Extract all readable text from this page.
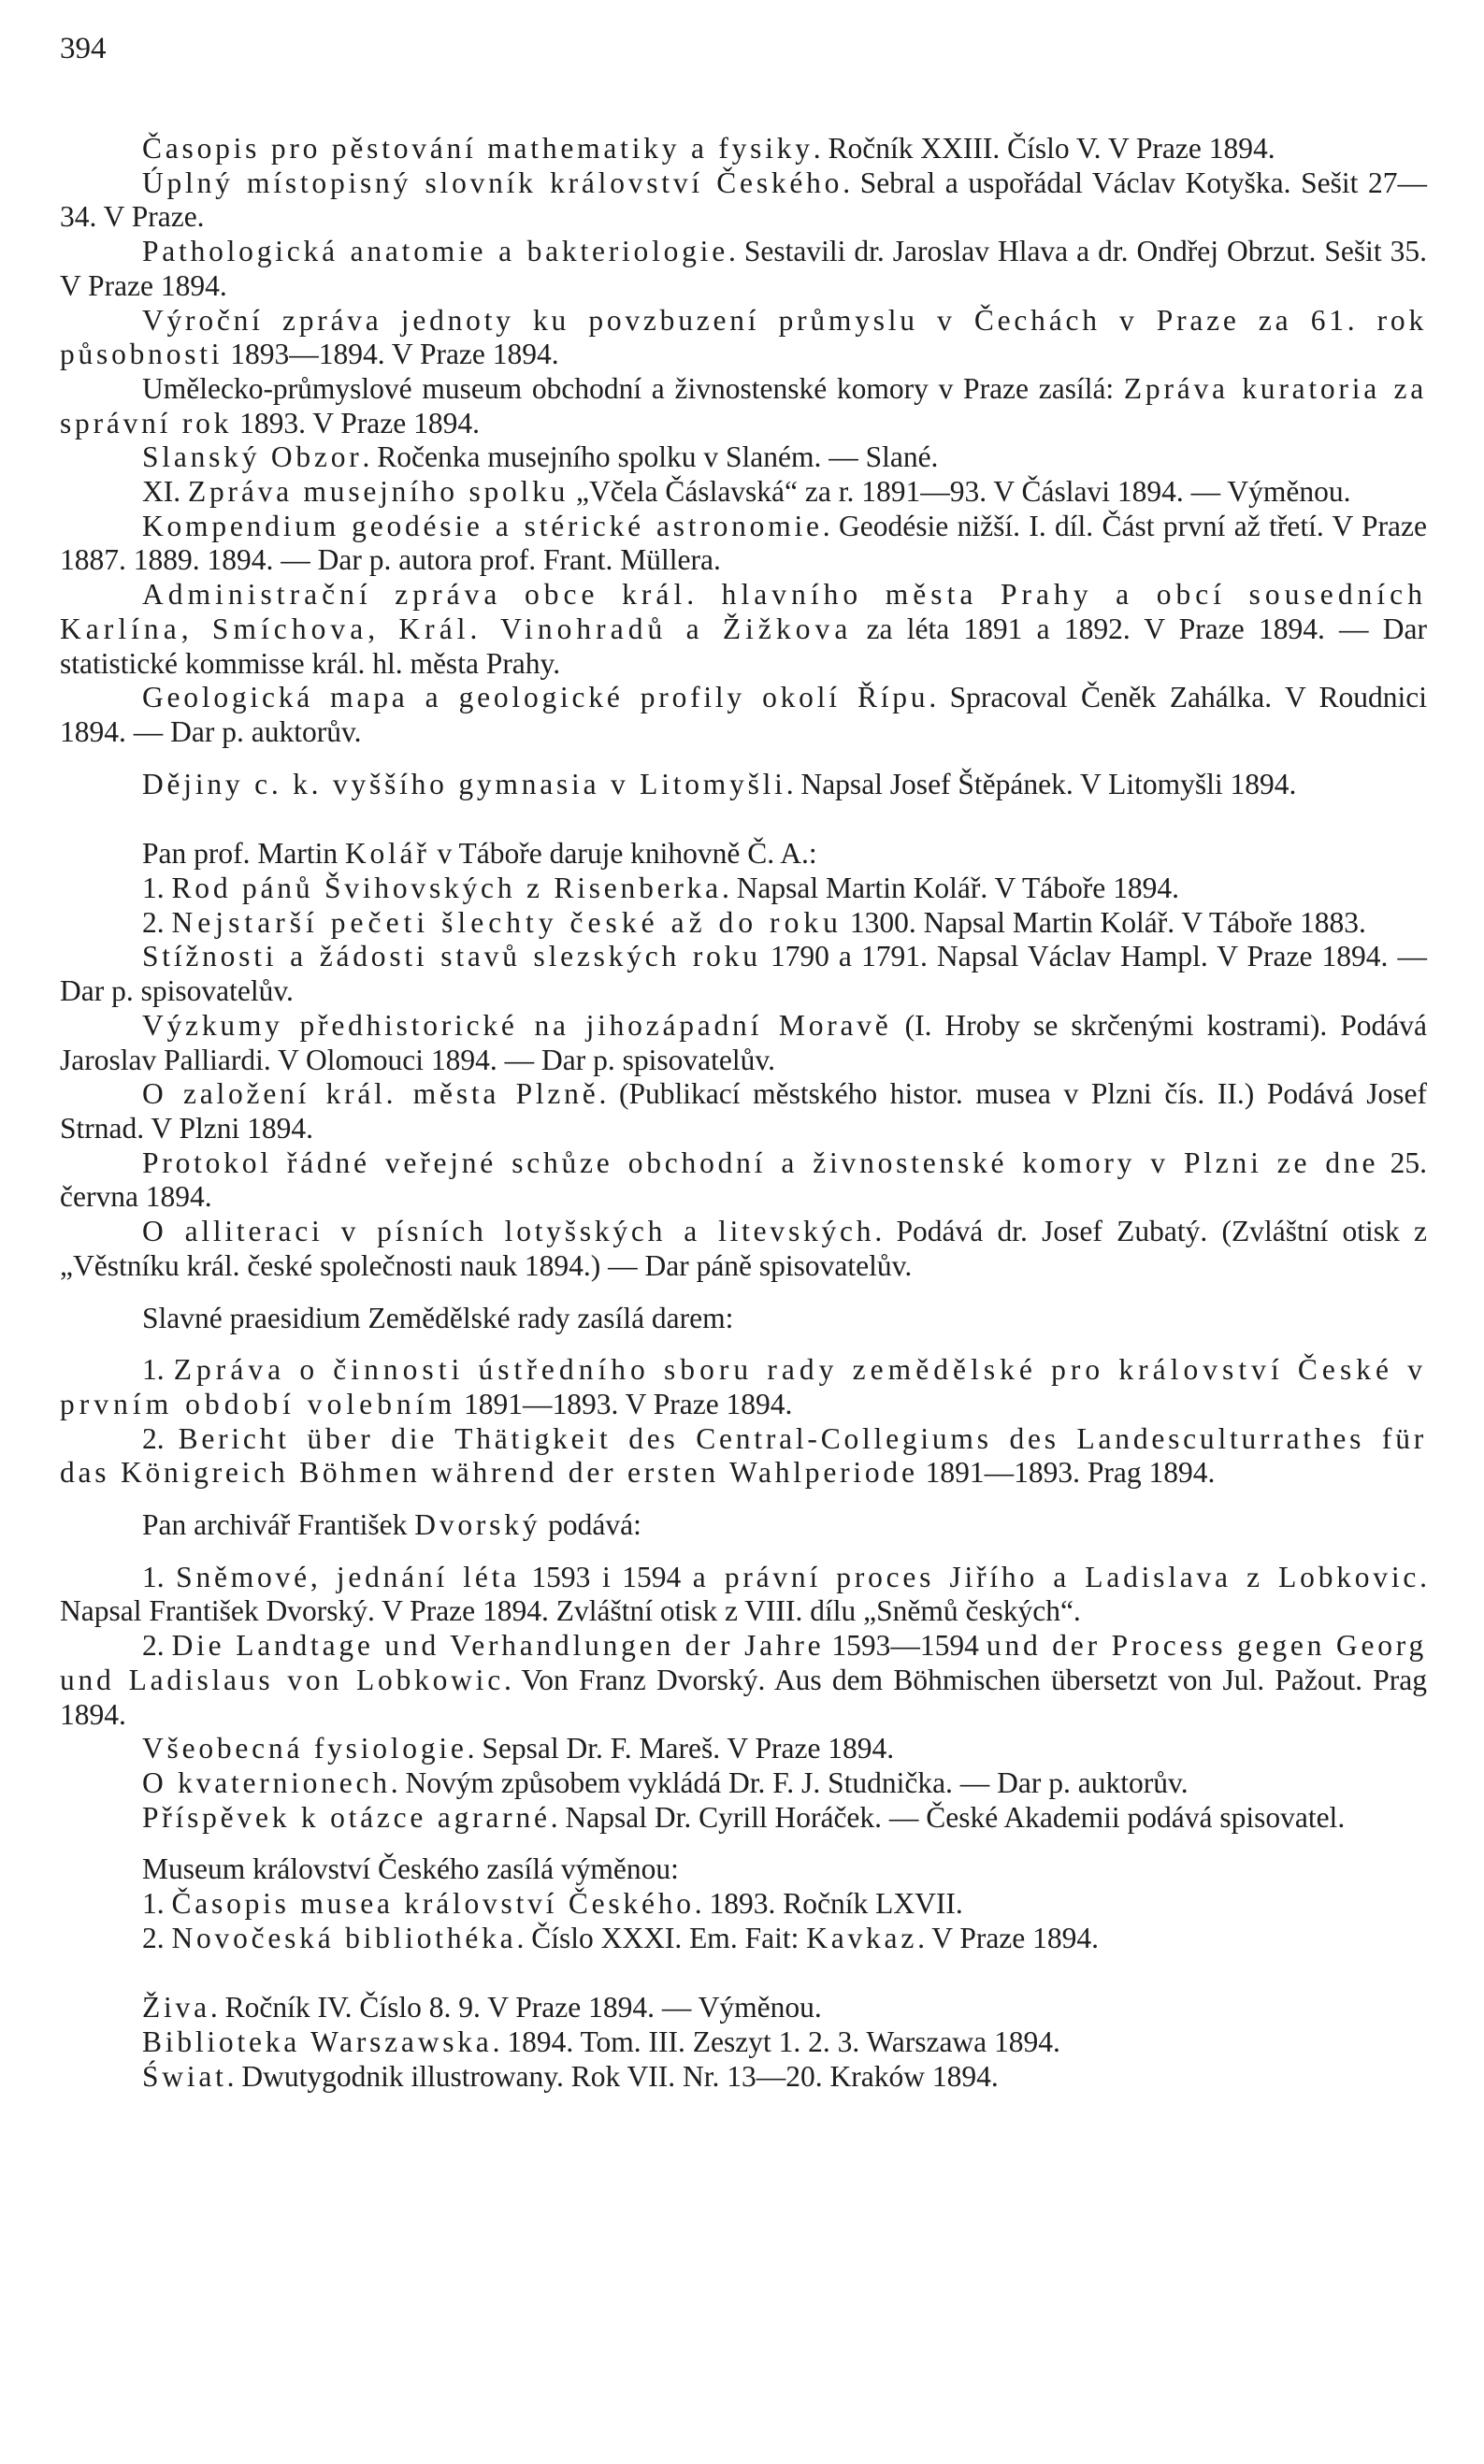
394

Časopis pro pěstování mathematiky a fysiky. Ročník XXIII. Číslo V. V Praze 1894.

Úplný místopisný slovník království Českého. Sebral a uspořádal Václav Kotyška. Sešit 27—34. V Praze.

Pathologická anatomie a bakteriologie. Sestavili dr. Jaroslav Hlava a dr. Ondřej Obrzut. Sešit 35. V Praze 1894.

Výroční zpráva jednoty ku povzbuzení průmyslu v Čechách v Praze za 61. rok působnosti 1893—1894. V Praze 1894.

Umělecko-průmyslové museum obchodní a živnostenské komory v Praze zasílá: Zpráva kuratoria za správní rok 1893. V Praze 1894.

Slanský Obzor. Ročenka musejního spolku v Slaném. — Slané.

XI. Zpráva musejního spolku „Včela Čáslavská“ za r. 1891—93. V Čáslavi 1894. — Výměnou.

Kompendium geodésie a stérické astronomie. Geodésie nižší. I. díl. Část první až třetí. V Praze 1887. 1889. 1894. — Dar p. autora prof. Frant. Müllera.

Administrační zpráva obce král. hlavního města Prahy a obcí sousedních Karlína, Smíchova, Král. Vinohradů a Žižkova za léta 1891 a 1892. V Praze 1894. — Dar statistické kommisse král. hl. města Prahy.

Geologická mapa a geologické profily okolí Řípu. Spracoval Čeněk Zahálka. V Roudnici 1894. — Dar p. auktorův.

Dějiny c. k. vyššího gymnasia v Litomyšli. Napsal Josef Štěpánek. V Litomyšli 1894.

Pan prof. Martin Kolář v Táboře daruje knihovně Č. A.:

1. Rod pánů Švihovských z Risenberka. Napsal Martin Kolář. V Táboře 1894.

2. Nejstarší pečeti šlechty české až do roku 1300. Napsal Martin Kolář. V Táboře 1883.

Stížnosti a žádosti stavů slezských roku 1790 a 1791. Napsal Václav Hampl. V Praze 1894. — Dar p. spisovatelův.

Výzkumy předhistorické na jihozápadní Moravě (I. Hroby se skrčenými kostrami). Podává Jaroslav Palliardi. V Olomouci 1894. — Dar p. spisovatelův.

O založení král. města Plzně. (Publikací městského histor. musea v Plzni čís. II.) Podává Josef Strnad. V Plzni 1894.

Protokol řádné veřejné schůze obchodní a živnostenské komory v Plzni ze dne 25. června 1894.

O alliteraci v písních lotyšských a litevských. Podává dr. Josef Zubatý. (Zvláštní otisk z „Věstníku král. české společnosti nauk 1894.) — Dar páně spisovatelův.

Slavné praesidium Zemědělské rady zasílá darem:

1. Zpráva o činnosti ústředního sboru rady zemědělské pro království České v prvním období volebním 1891—1893. V Praze 1894.

2. Bericht über die Thätigkeit des Central-Collegiums des Landesculturrathes für das Königreich Böhmen während der ersten Wahlperiode 1891—1893. Prag 1894.

Pan archivář František Dvorský podává:

1. Sněmové, jednání léta 1593 i 1594 a právní proces Jiřího a Ladislava z Lobkovic. Napsal František Dvorský. V Praze 1894. Zvláštní otisk z VIII. dílu „Sněmů českých“.

2. Die Landtage und Verhandlungen der Jahre 1593—1594 und der Process gegen Georg und Ladislaus von Lobkowic. Von Franz Dvorský. Aus dem Böhmischen übersetzt von Jul. Pažout. Prag 1894.

Všeobecná fysiologie. Sepsal Dr. F. Mareš. V Praze 1894.

O kvaternionech. Novým způsobem vykládá Dr. F. J. Studnička. — Dar p. auktorův.

Příspěvek k otázce agrarné. Napsal Dr. Cyrill Horáček. — České Akademii podává spisovatel.

Museum království Českého zasílá výměnou:

1. Časopis musea království Českého. 1893. Ročník LXVII.

2. Novočeská bibliothéka. Číslo XXXI. Em. Fait: Kavkaz. V Praze 1894.

Živa. Ročník IV. Číslo 8. 9. V Praze 1894. — Výměnou.

Biblioteka Warszawska. 1894. Tom. III. Zeszyt 1. 2. 3. Warszawa 1894.

Świat. Dwutygodnik illustrowany. Rok VII. Nr. 13—20. Kraków 1894.
